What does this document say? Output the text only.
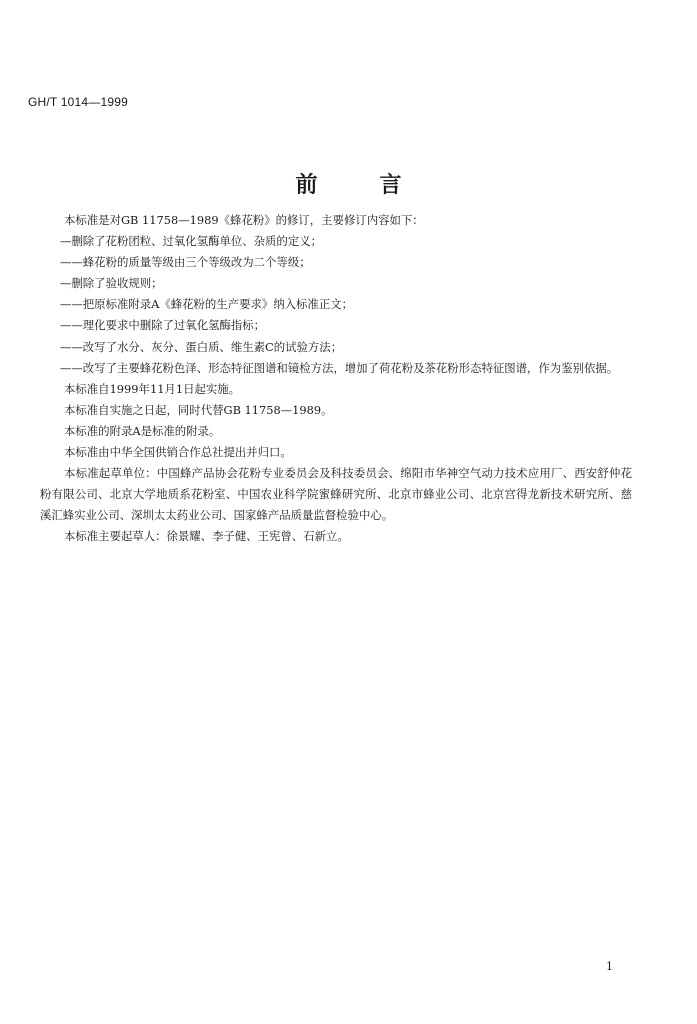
GH/T 1014—1999
前言

本标准是对GB 11758—1989《蜂花粉》的修订，主要修订内容如下：

—删除了花粉团粒、过氧化氢酶单位、杂质的定义；

——蜂花粉的质量等级由三个等级改为二个等级；

—删除了验收规则；

——把原标准附录A《蜂花粉的生产要求》纳入标准正文；

——理化要求中删除了过氧化氢酶指标；

——改写了水分、灰分、蛋白质、维生素C的试验方法；

——改写了主要蜂花粉色泽、形态特征图谱和镜检方法，增加了荷花粉及茶花粉形态特征图谱，作为鉴别依据。

本标准自1999年11月1日起实施。

本标准自实施之日起，同时代替GB 11758—1989。

本标准的附录A是标准的附录。

本标准由中华全国供销合作总社提出并归口。

本标准起草单位：中国蜂产品协会花粉专业委员会及科技委员会、绵阳市华神空气动力技术应用厂、西安舒仲花粉有限公司、北京大学地质系花粉室、中国农业科学院蜜蜂研究所、北京市蜂业公司、北京宫得龙新技术研究所、慈溪汇蜂实业公司、深圳太太药业公司、国家蜂产品质量监督检验中心。

本标准主要起草人：徐景耀、李子健、王宪曾、石新立。

1
